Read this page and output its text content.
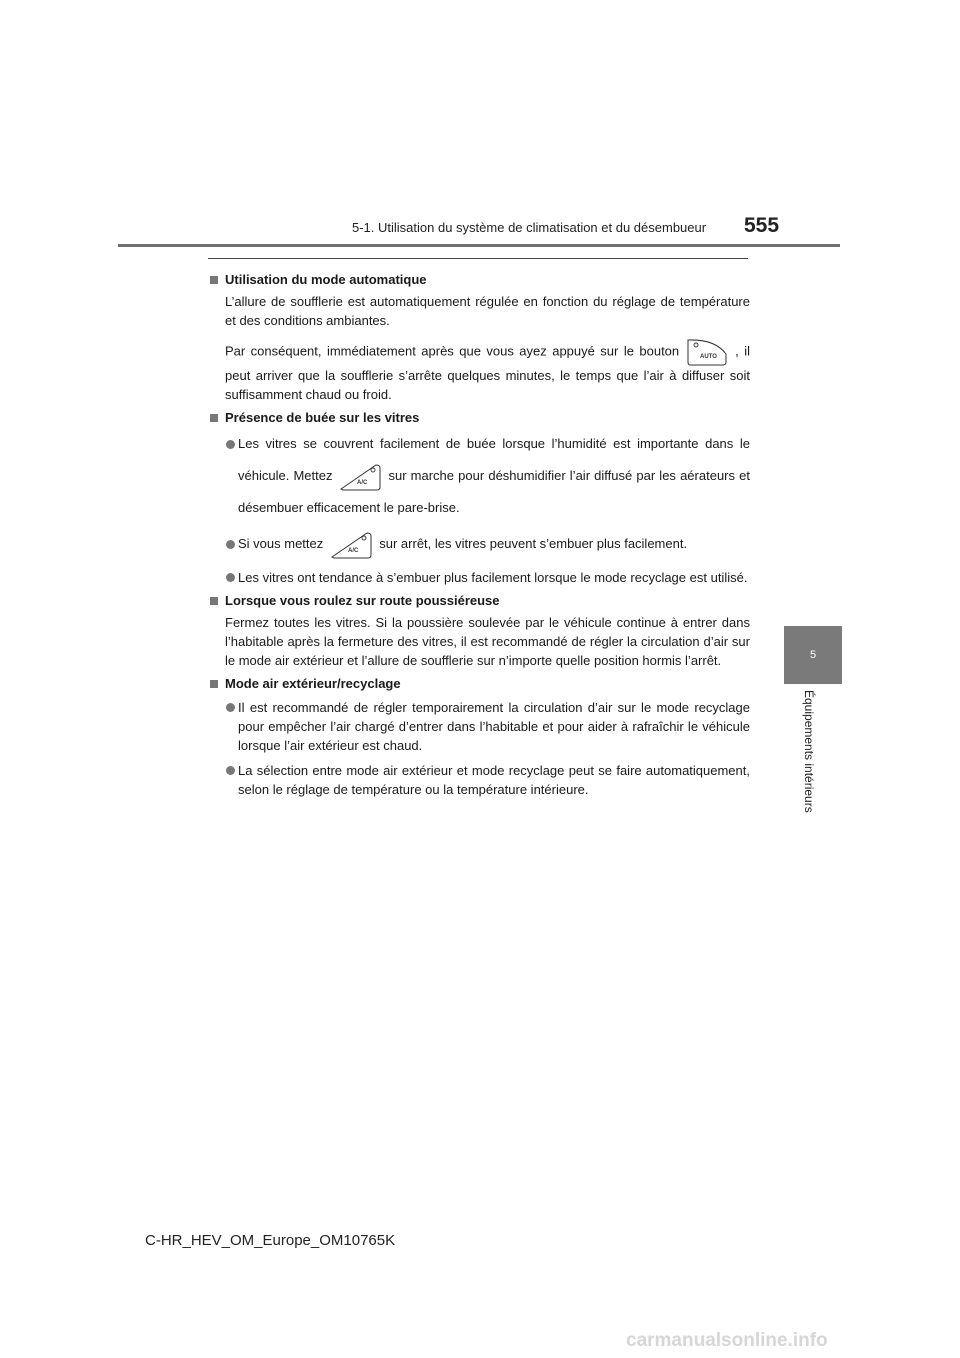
5-1. Utilisation du système de climatisation et du désembueur 555
5
Équipements intérieurs
Utilisation du mode automatique
L’allure de soufflerie est automatiquement régulée en fonction du réglage de température et des conditions ambiantes.
Par conséquent, immédiatement après que vous ayez appuyé sur le bouton	AUTO , il peut arriver que la soufflerie s’arrête quelques minutes, le temps que l’air à diffuser soit suffisamment chaud ou froid.
Présence de buée sur les vitres
Les vitres se couvrent facilement de buée lorsque l’humidité est importante dans le véhicule. Mettez	A/C sur marche pour déshumidifier l’air diffusé par les aérateurs et désembuer efficacement le pare-brise.
Si vous mettez	A/C sur arrêt, les vitres peuvent s’embuer plus facilement.
Les vitres ont tendance à s’embuer plus facilement lorsque le mode recyclage est utilisé.
Lorsque vous roulez sur route poussiéreuse
Fermez toutes les vitres. Si la poussière soulevée par le véhicule continue à entrer dans l’habitable après la fermeture des vitres, il est recommandé de régler la circulation d’air sur le mode air extérieur et l’allure de soufflerie sur n’importe quelle position hormis l’arrêt.
Mode air extérieur/recyclage
Il est recommandé de régler temporairement la circulation d’air sur le mode recyclage pour empêcher l’air chargé d’entrer dans l’habitable et pour aider à rafraîchir le véhicule lorsque l’air extérieur est chaud.
La sélection entre mode air extérieur et mode recyclage peut se faire automatiquement, selon le réglage de température ou la température intérieure.
C-HR_HEV_OM_Europe_OM10765K
carmanualsonline.info
